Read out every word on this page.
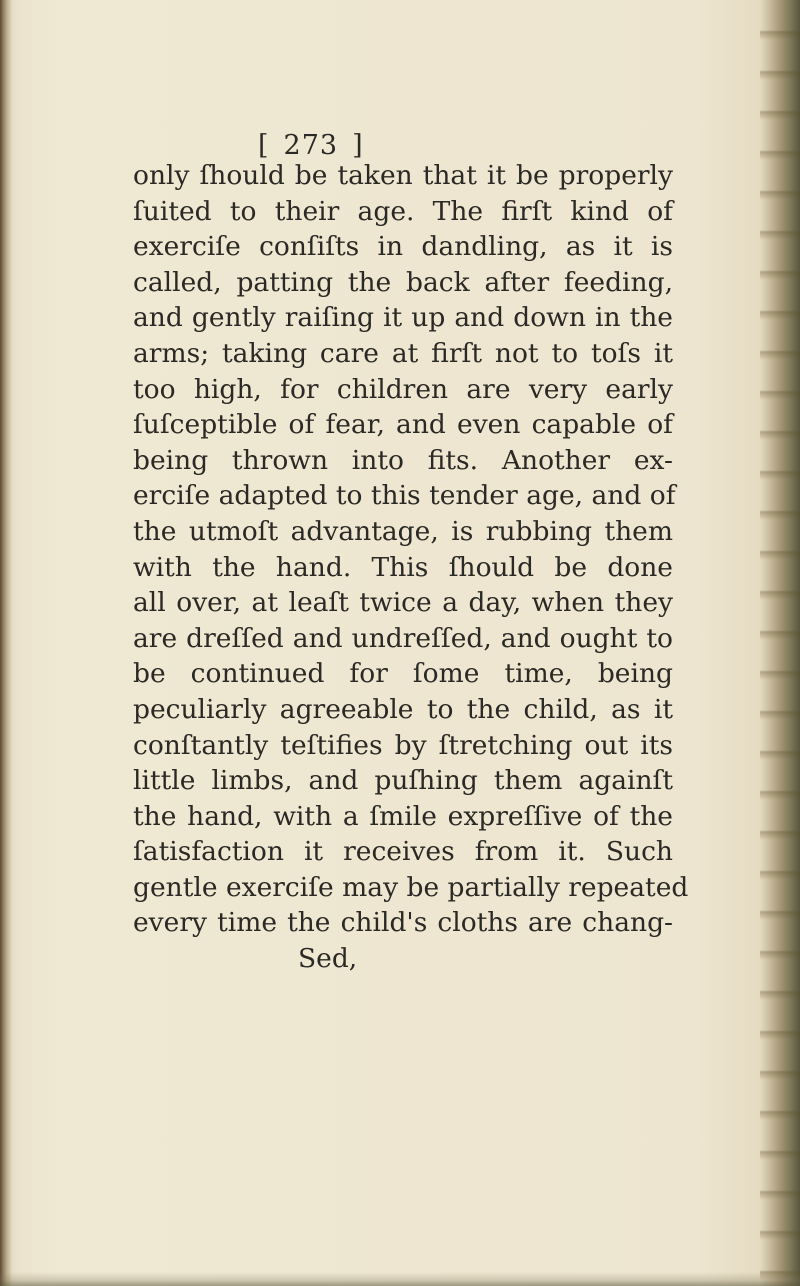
[ 273 ]
only ſhould be taken that it be properly
ſuited to their age. The firſt kind of
exerciſe conſiſts in dandling, as it is
called, patting the back after feeding,
and gently raiſing it up and down in the
arms; taking care at firſt not to toſs it
too high, for children are very early
ſuſceptible of fear, and even capable of
being thrown into fits. Another ex-
erciſe adapted to this tender age, and of
the utmoſt advantage, is rubbing them
with the hand. This ſhould be done
all over, at leaſt twice a day, when they
are dreſſed and undreſſed, and ought to
be continued for ſome time, being
peculiarly agreeable to the child, as it
conſtantly teſtifies by ſtretching out its
little limbs, and puſhing them againſt
the hand, with a ſmile expreſſive of the
ſatisfaction it receives from it. Such
gentle exerciſe may be partially repeated
every time the child's cloths are chang-
Sed,
